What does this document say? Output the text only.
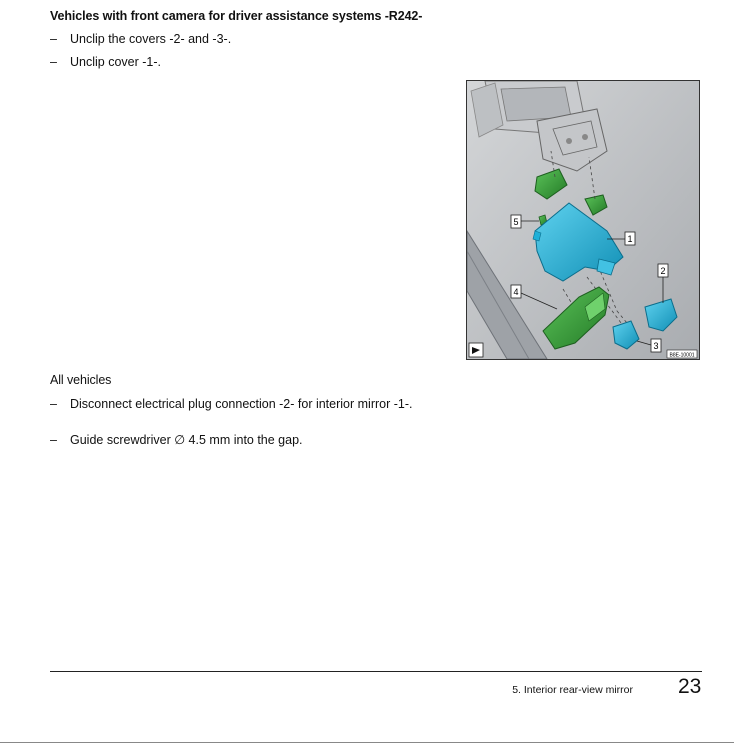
Vehicles with front camera for driver assistance systems -R242-
–	Unclip the covers -2- and -3-.
–	Unclip cover -1-.
1
2
3
4
5
B8E-10001
All vehicles
–	Disconnect electrical plug connection -2- for interior mirror -1-.
–	Guide screwdriver ∅ 4.5 mm into the gap.
5. Interior rear-view mirror 23
